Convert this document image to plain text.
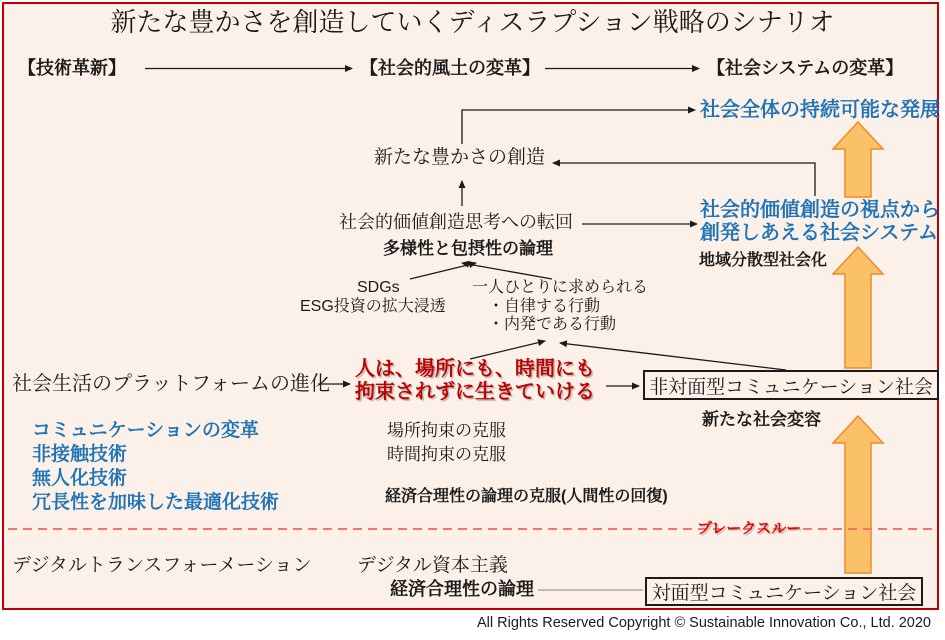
新たな豊かさを創造していくディスラプション戦略のシナリオ
【技術革新】	【社会的風土の変革】	【社会システムの変革】
社会全体の持続可能な発展
社会的価値創造の視点から
創発しあえる社会システム
地域分散型社会化
新たな豊かさの創造
社会的価値創造思考への転回
多様性と包摂性の論理
SDGs
ESG投資の拡大浸透
一人ひとりに求められる
・自律する行動
・内発である行動
社会生活のプラットフォームの進化
人は、場所にも、時間にも
拘束されずに生きていける	非対面型コミュニケーション社会
新たな社会変容
コミュニケーションの変革
非接触技術
無人化技術
冗長性を加味した最適化技術
場所拘束の克服
時間拘束の克服
経済合理性の論理の克服(人間性の回復)
ブレークスルー
デジタルトランスフォーメーション デジタル資本主義
経済合理性の論理	対面型コミュニケーション社会
All Rights Reserved Copyright © Sustainable Innovation Co., Ltd. 2020
